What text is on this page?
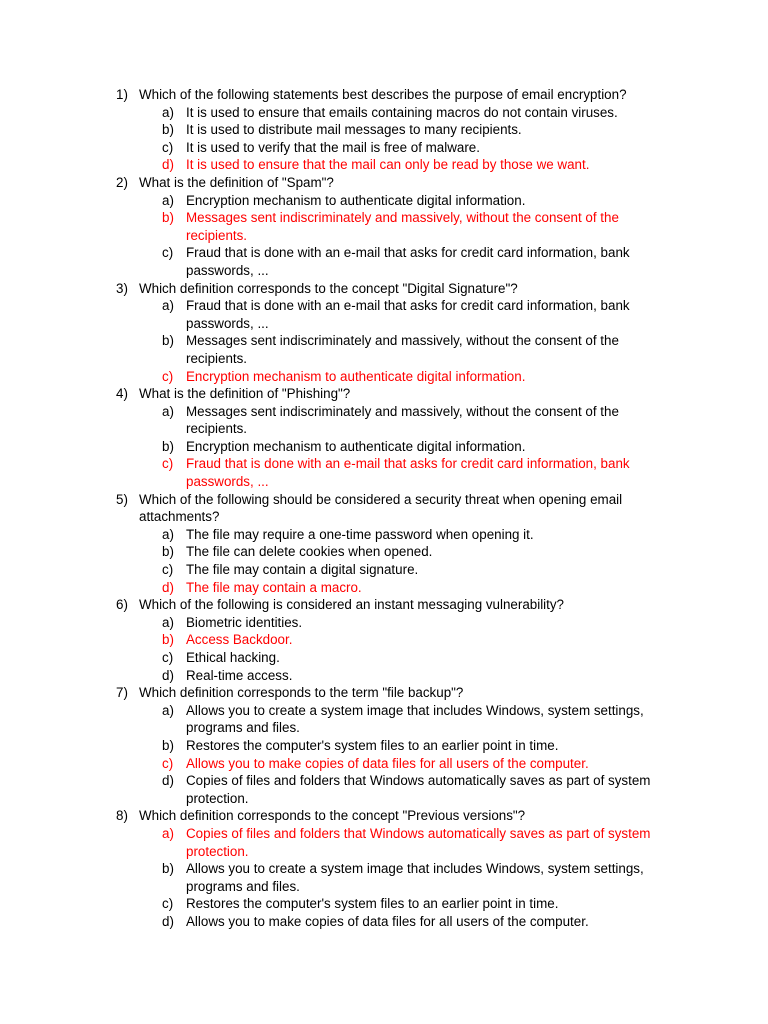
1) Which of the following statements best describes the purpose of email encryption?
a) It is used to ensure that emails containing macros do not contain viruses.
b) It is used to distribute mail messages to many recipients.
c) It is used to verify that the mail is free of malware.
d) It is used to ensure that the mail can only be read by those we want.
2) What is the definition of "Spam"?
a) Encryption mechanism to authenticate digital information.
b) Messages sent indiscriminately and massively, without the consent of the recipients.
c) Fraud that is done with an e-mail that asks for credit card information, bank passwords, ...
3) Which definition corresponds to the concept "Digital Signature"?
a) Fraud that is done with an e-mail that asks for credit card information, bank passwords, ...
b) Messages sent indiscriminately and massively, without the consent of the recipients.
c) Encryption mechanism to authenticate digital information.
4) What is the definition of "Phishing"?
a) Messages sent indiscriminately and massively, without the consent of the recipients.
b) Encryption mechanism to authenticate digital information.
c) Fraud that is done with an e-mail that asks for credit card information, bank passwords, ...
5) Which of the following should be considered a security threat when opening email attachments?
a) The file may require a one-time password when opening it.
b) The file can delete cookies when opened.
c) The file may contain a digital signature.
d) The file may contain a macro.
6) Which of the following is considered an instant messaging vulnerability?
a) Biometric identities.
b) Access Backdoor.
c) Ethical hacking.
d) Real-time access.
7) Which definition corresponds to the term "file backup"?
a) Allows you to create a system image that includes Windows, system settings, programs and files.
b) Restores the computer's system files to an earlier point in time.
c) Allows you to make copies of data files for all users of the computer.
d) Copies of files and folders that Windows automatically saves as part of system protection.
8) Which definition corresponds to the concept "Previous versions"?
a) Copies of files and folders that Windows automatically saves as part of system protection.
b) Allows you to create a system image that includes Windows, system settings, programs and files.
c) Restores the computer's system files to an earlier point in time.
d) Allows you to make copies of data files for all users of the computer.
